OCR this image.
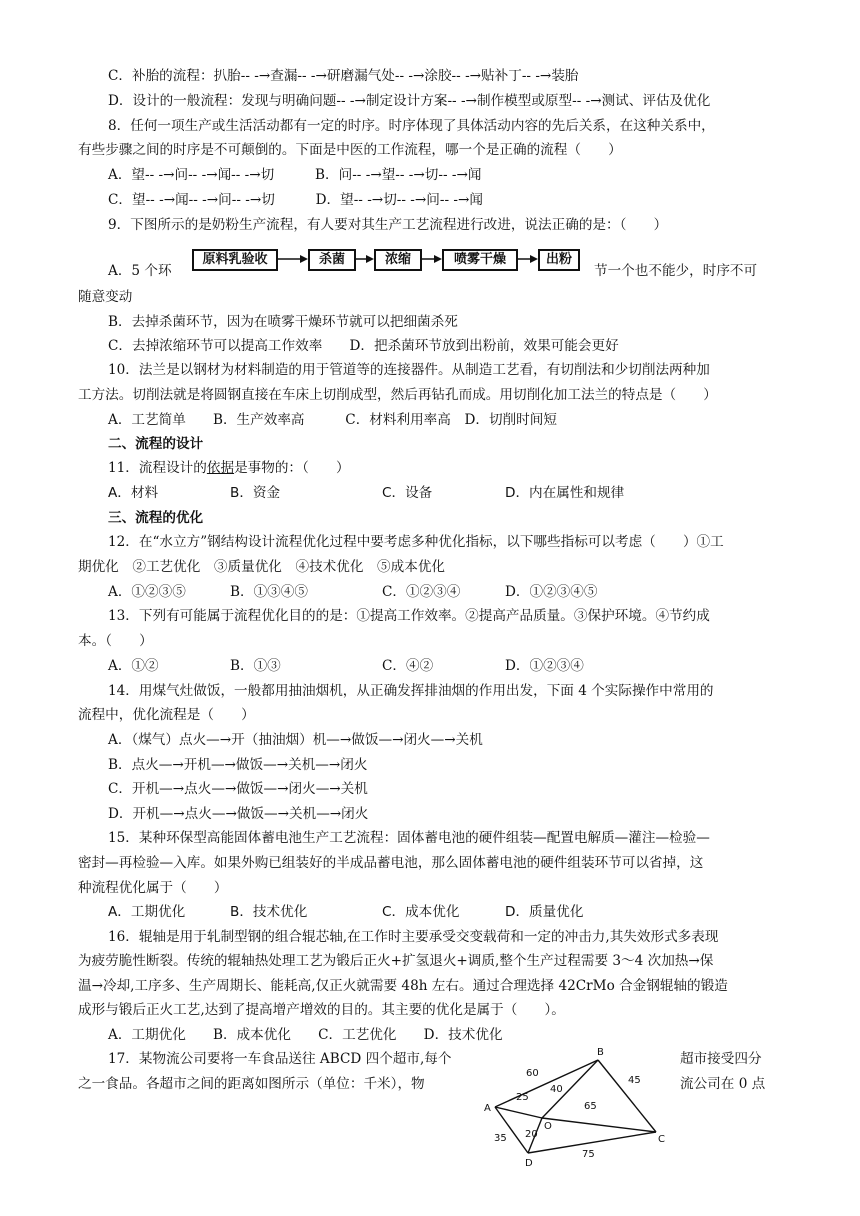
C．补胎的流程：扒胎-- -→查漏-- -→研磨漏气处-- -→涂胶-- -→贴补丁-- -→装胎
D．设计的一般流程：发现与明确问题-- -→制定设计方案-- -→制作模型或原型-- -→测试、评估及优化
8．任何一项生产或生活活动都有一定的时序。时序体现了具体活动内容的先后关系，在这种关系中，
有些步骤之间的时序是不可颠倒的。下面是中医的工作流程，哪一个是正确的流程（　　）
A．望-- -→问-- -→闻-- -→切　　　B．问-- -→望-- -→切-- -→闻
C．望-- -→闻-- -→问-- -→切　　　D．望-- -→切-- -→问-- -→闻
9．下图所示的是奶粉生产流程，有人要对其生产工艺流程进行改进，说法正确的是：（　　）
A．5 个环	节一个也不能少，时序不可
原料乳验收	杀菌	浓缩	喷雾干燥	出粉
随意变动
B．去掉杀菌环节，因为在喷雾干燥环节就可以把细菌杀死
C．去掉浓缩环节可以提高工作效率　　D．把杀菌环节放到出粉前，效果可能会更好
10．法兰是以钢材为材料制造的用于管道等的连接器件。从制造工艺看，有切削法和少切削法两种加
工方法。切削法就是将圆钢直接在车床上切削成型，然后再钻孔而成。用切削化加工法兰的特点是（　　）
A．工艺简单　　B．生产效率高　　　C．材料利用率高　D．切削时间短
二、流程的设计
11．流程设计的依据是事物的：（　　）
A．材料	B．资金	C．设备	D．内在属性和规律
三、流程的优化
12．在“水立方”钢结构设计流程优化过程中要考虑多种优化指标，以下哪些指标可以考虑（　　）①工
期优化　②工艺优化　③质量优化　④技术优化　⑤成本优化
A．①②③⑤	B．①③④⑤	C．①②③④	D．①②③④⑤
13．下列有可能属于流程优化目的的是：①提高工作效率。②提高产品质量。③保护环境。④节约成
本。（　　）
A．①②	B．①③	C．④②	D．①②③④
14．用煤气灶做饭，一般都用抽油烟机，从正确发挥排油烟的作用出发，下面 4 个实际操作中常用的
流程中，优化流程是（　　）
A．（煤气）点火—→开（抽油烟）机—→做饭—→闭火—→关机
B．点火—→开机—→做饭—→关机—→闭火
C．开机—→点火—→做饭—→闭火—→关机
D．开机—→点火—→做饭—→关机—→闭火
15．某种环保型高能固体蓄电池生产工艺流程：固体蓄电池的硬件组装—配置电解质—灌注—检验—
密封—再检验—入库。如果外购已组装好的半成品蓄电池，那么固体蓄电池的硬件组装环节可以省掉，这
种流程优化属于（　　）
A．工期优化	B．技术优化	C．成本优化	D．质量优化
16．辊轴是用于轧制型钢的组合辊芯轴,在工作时主要承受交变载荷和一定的冲击力,其失效形式多表现
为疲劳脆性断裂。传统的辊轴热处理工艺为锻后正火+扩氢退火+调质,整个生产过程需要 3～4 次加热→保
温→冷却,工序多、生产周期长、能耗高,仅正火就需要 48h 左右。通过合理选择 42CrMo 合金钢辊轴的锻造
成形与锻后正火工艺,达到了提高增产增效的目的。其主要的优化是属于（　　）。
A．工期优化　　B．成本优化　　C．工艺优化　　D．技术优化
17．某物流公司要将一车食品送往 ABCD 四个超市,每个	超市接受四分
之一食品。各超市之间的距离如图所示（单位：千米），物	流公司在 0 点
A
B
C
D
O
60
40
25
45
65
35 20
75
